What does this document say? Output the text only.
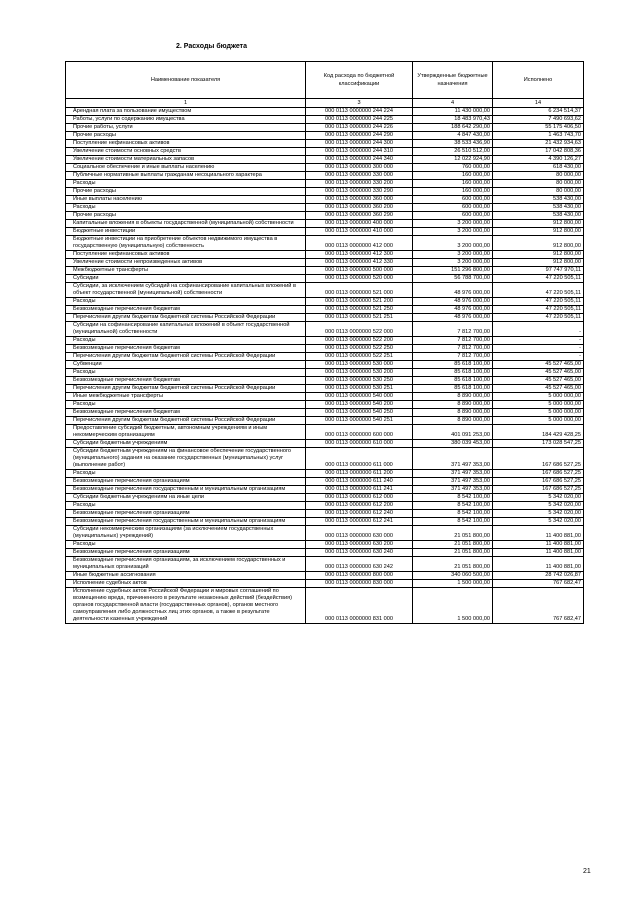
2. Расходы бюджета
Наименование показателя	Код расхода по бюджетной классификации	Утвержденные бюджетные назначения	Исполнено
1	3	4	14
Арендная плата за пользование имуществом	000 0113 0000000 244 224	11 430 000,00	6 234 514,37
Работы, услуги по содержанию имущества	000 0113 0000000 244 225	18 483 970,43	7 490 693,62
Прочие работы, услуги	000 0113 0000000 244 226	188 642 290,00	55 175 406,50
Прочие расходы	000 0113 0000000 244 290	4 847 430,00	1 463 743,70
Поступление нефинансовых активов	000 0113 0000000 244 300	38 533 436,90	21 432 934,63
Увеличение стоимости основных средств	000 0113 0000000 244 310	26 510 512,00	17 042 808,36
Увеличение стоимости материальных запасов	000 0113 0000000 244 340	12 022 924,90	4 390 126,27
Социальное обеспечение и иные выплаты населению	000 0113 0000000 300 000	760 000,00	618 430,00
Публичные нормативные выплаты гражданам несоциального характера	000 0113 0000000 330 000	160 000,00	80 000,00
Расходы	000 0113 0000000 330 200	160 000,00	80 000,00
Прочие расходы	000 0113 0000000 330 290	160 000,00	80 000,00
Иные выплаты населению	000 0113 0000000 360 000	600 000,00	538 430,00
Расходы	000 0113 0000000 360 200	600 000,00	538 430,00
Прочие расходы	000 0113 0000000 360 290	600 000,00	538 430,00
Капитальные вложения в объекты государственной (муниципальной) собственности	000 0113 0000000 400 000	3 200 000,00	912 800,00
Бюджетные инвестиции	000 0113 0000000 410 000	3 200 000,00	912 800,00
Бюджетные инвестиции на приобретение объектов недвижимого имущества в государственную (муниципальную) собственность	000 0113 0000000 412 000	3 200 000,00	912 800,00
Поступление нефинансовых активов	000 0113 0000000 412 300	3 200 000,00	912 800,00
Увеличение стоимости непроизведенных активов	000 0113 0000000 412 330	3 200 000,00	912 800,00
Межбюджетные трансферты	000 0113 0000000 500 000	151 296 800,00	97 747 970,11
Субсидии	000 0113 0000000 520 000	56 788 700,00	47 220 505,11
Субсидии, за исключением субсидий на софинансирование капитальных вложений в объект государственной (муниципальной) собственности	000 0113 0000000 521 000	48 976 000,00	47 220 505,11
Расходы	000 0113 0000000 521 200	48 976 000,00	47 220 505,11
Безвозмездные перечисления бюджетам	000 0113 0000000 521 250	48 976 000,00	47 220 505,11
Перечисления другим бюджетам бюджетной системы Российской Федерации	000 0113 0000000 521 251	48 976 000,00	47 220 505,11
Субсидии на софинансирование капитальных вложений в объект государственной (муниципальной) собственности	000 0113 0000000 522 000	7 812 700,00	-
Расходы	000 0113 0000000 522 200	7 812 700,00	-
Безвозмездные перечисления бюджетам	000 0113 0000000 522 250	7 812 700,00	-
Перечисления другим бюджетам бюджетной системы Российской Федерации	000 0113 0000000 522 251	7 812 700,00	-
Субвенции	000 0113 0000000 530 000	85 618 100,00	45 527 465,00
Расходы	000 0113 0000000 530 200	85 618 100,00	45 527 465,00
Безвозмездные перечисления бюджетам	000 0113 0000000 530 250	85 618 100,00	45 527 465,00
Перечисления другим бюджетам бюджетной системы Российской Федерации	000 0113 0000000 530 251	85 618 100,00	45 527 465,00
Иные межбюджетные трансферты	000 0113 0000000 540 000	8 890 000,00	5 000 000,00
Расходы	000 0113 0000000 540 200	8 890 000,00	5 000 000,00
Безвозмездные перечисления бюджетам	000 0113 0000000 540 250	8 890 000,00	5 000 000,00
Перечисления другим бюджетам бюджетной системы Российской Федерации	000 0113 0000000 540 251	8 890 000,00	5 000 000,00
Предоставление субсидий бюджетным, автономным учреждениям и иным некоммерческим организациям	000 0113 0000000 600 000	401 091 253,00	184 429 428,25
Субсидии бюджетным учреждениям	000 0113 0000000 610 000	380 039 453,00	173 028 547,25
Субсидии бюджетным учреждениям на финансовое обеспечение государственного (муниципального) задания на оказание государственных (муниципальных) услуг (выполнение работ)	000 0113 0000000 611 000	371 497 353,00	167 686 527,25
Расходы	000 0113 0000000 611 200	371 497 353,00	167 686 527,25
Безвозмездные перечисления организациям	000 0113 0000000 611 240	371 497 353,00	167 686 527,25
Безвозмездные перечисления государственным и муниципальным организациям	000 0113 0000000 611 241	371 497 353,00	167 686 527,25
Субсидии бюджетным учреждениям на иные цели	000 0113 0000000 612 000	8 542 100,00	5 342 020,00
Расходы	000 0113 0000000 612 200	8 542 100,00	5 342 020,00
Безвозмездные перечисления организациям	000 0113 0000000 612 240	8 542 100,00	5 342 020,00
Безвозмездные перечисления государственным и муниципальным организациям	000 0113 0000000 612 241	8 542 100,00	5 342 020,00
Субсидии некоммерческим организациям (за исключением государственных (муниципальных) учреждений)	000 0113 0000000 630 000	21 051 800,00	11 400 881,00
Расходы	000 0113 0000000 630 200	21 051 800,00	11 400 881,00
Безвозмездные перечисления организациям	000 0113 0000000 630 240	21 051 800,00	11 400 881,00
Безвозмездные перечисления организациям, за исключением государственных и муниципальных организаций	000 0113 0000000 630 242	21 051 800,00	11 400 881,00
Иные бюджетные ассигнования	000 0113 0000000 800 000	340 060 500,00	28 742 026,87
Исполнение судебных актов	000 0113 0000000 830 000	1 500 000,00	767 682,47
Исполнение судебных актов Российской Федерации и мировых соглашений по возмещению вреда, причиненного в результате незаконных действий (бездействия) органов государственной власти (государственных органов), органов местного самоуправления либо должностных лиц этих органов, а также в результате деятельности казенных учреждений	000 0113 0000000 831 000	1 500 000,00	767 682,47
21
